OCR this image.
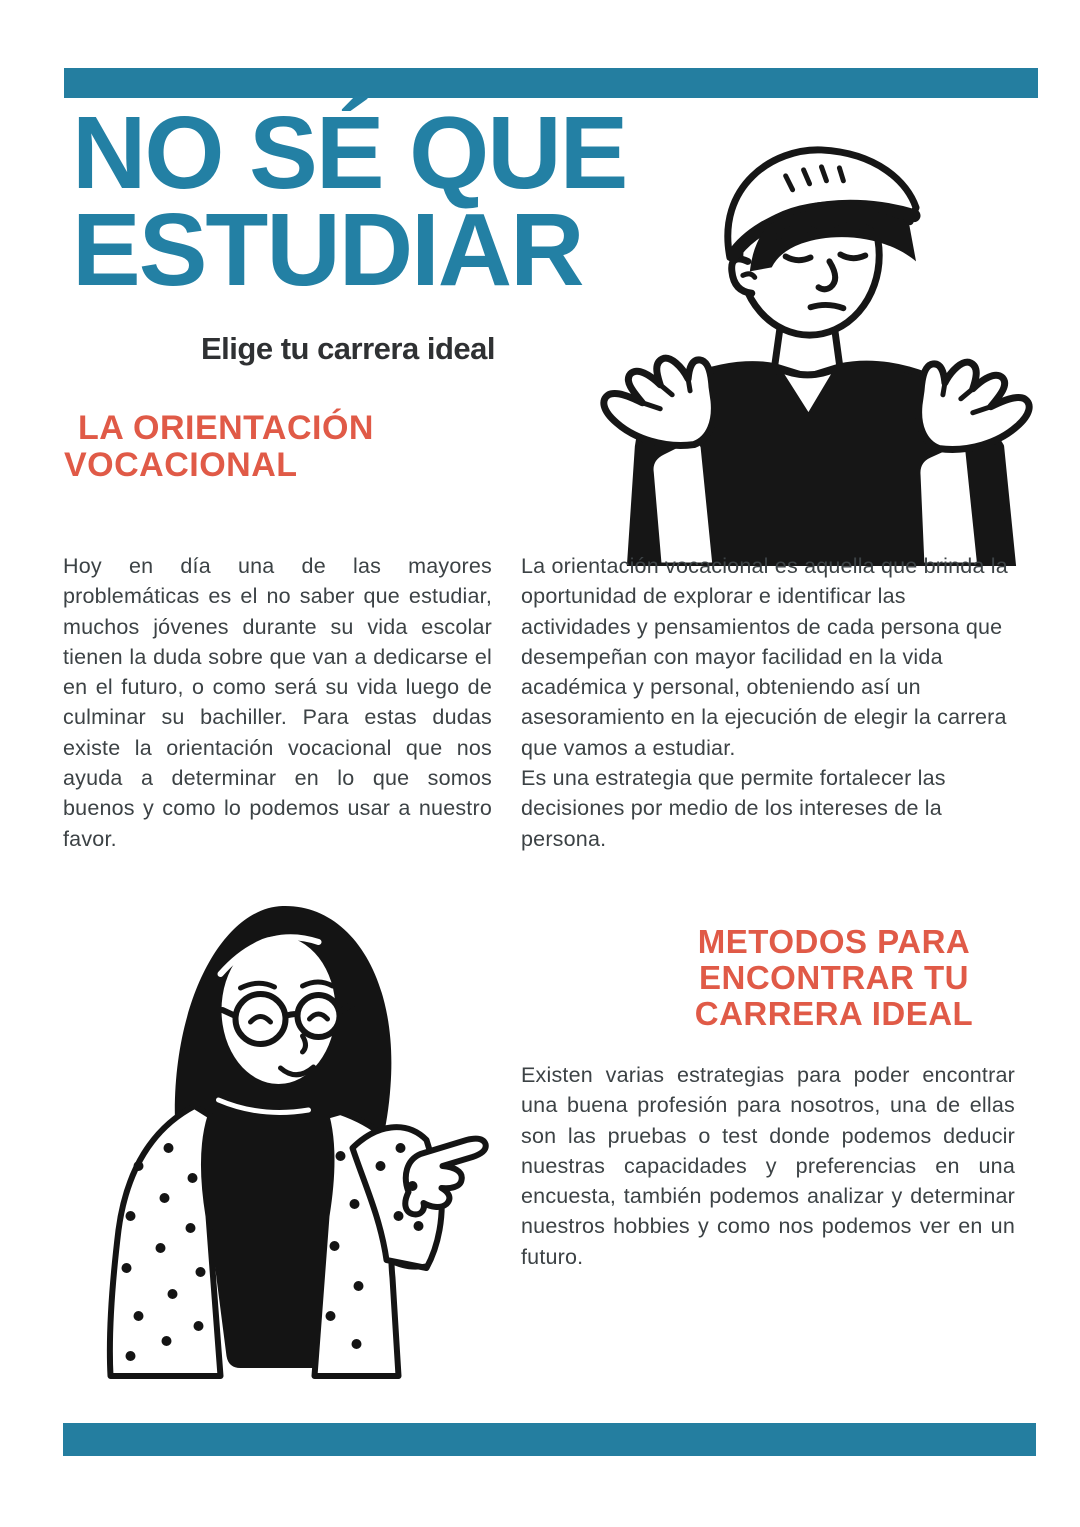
NO SÉ QUE
ESTUDIAR
Elige tu carrera ideal
LA ORIENTACIÓN
VOCACIONAL

Hoy en día una de las mayores problemáticas es el no saber que estudiar, muchos jóvenes durante su vida escolar tienen la duda sobre que van a dedicarse el en el futuro, o como será su vida luego de culminar su bachiller. Para estas dudas existe la orientación vocacional que nos ayuda a determinar en lo que somos buenos y como lo podemos usar a nuestro favor.

La orientación vocacional es aquella que brinda la oportunidad de explorar e identificar las actividades y pensamientos de cada persona que desempeñan con mayor facilidad en la vida académica y personal, obteniendo así un asesoramiento en la ejecución de elegir la carrera que vamos a estudiar.

Es una estrategia que permite fortalecer las decisiones por medio de los intereses de la persona.

METODOS PARA
ENCONTRAR TU
CARRERA IDEAL

Existen varias estrategias para poder encontrar una buena profesión para nosotros, una de ellas son las pruebas o test donde podemos deducir nuestras capacidades y preferencias en una encuesta, también podemos analizar y determinar nuestros hobbies y como nos podemos ver en un futuro.
